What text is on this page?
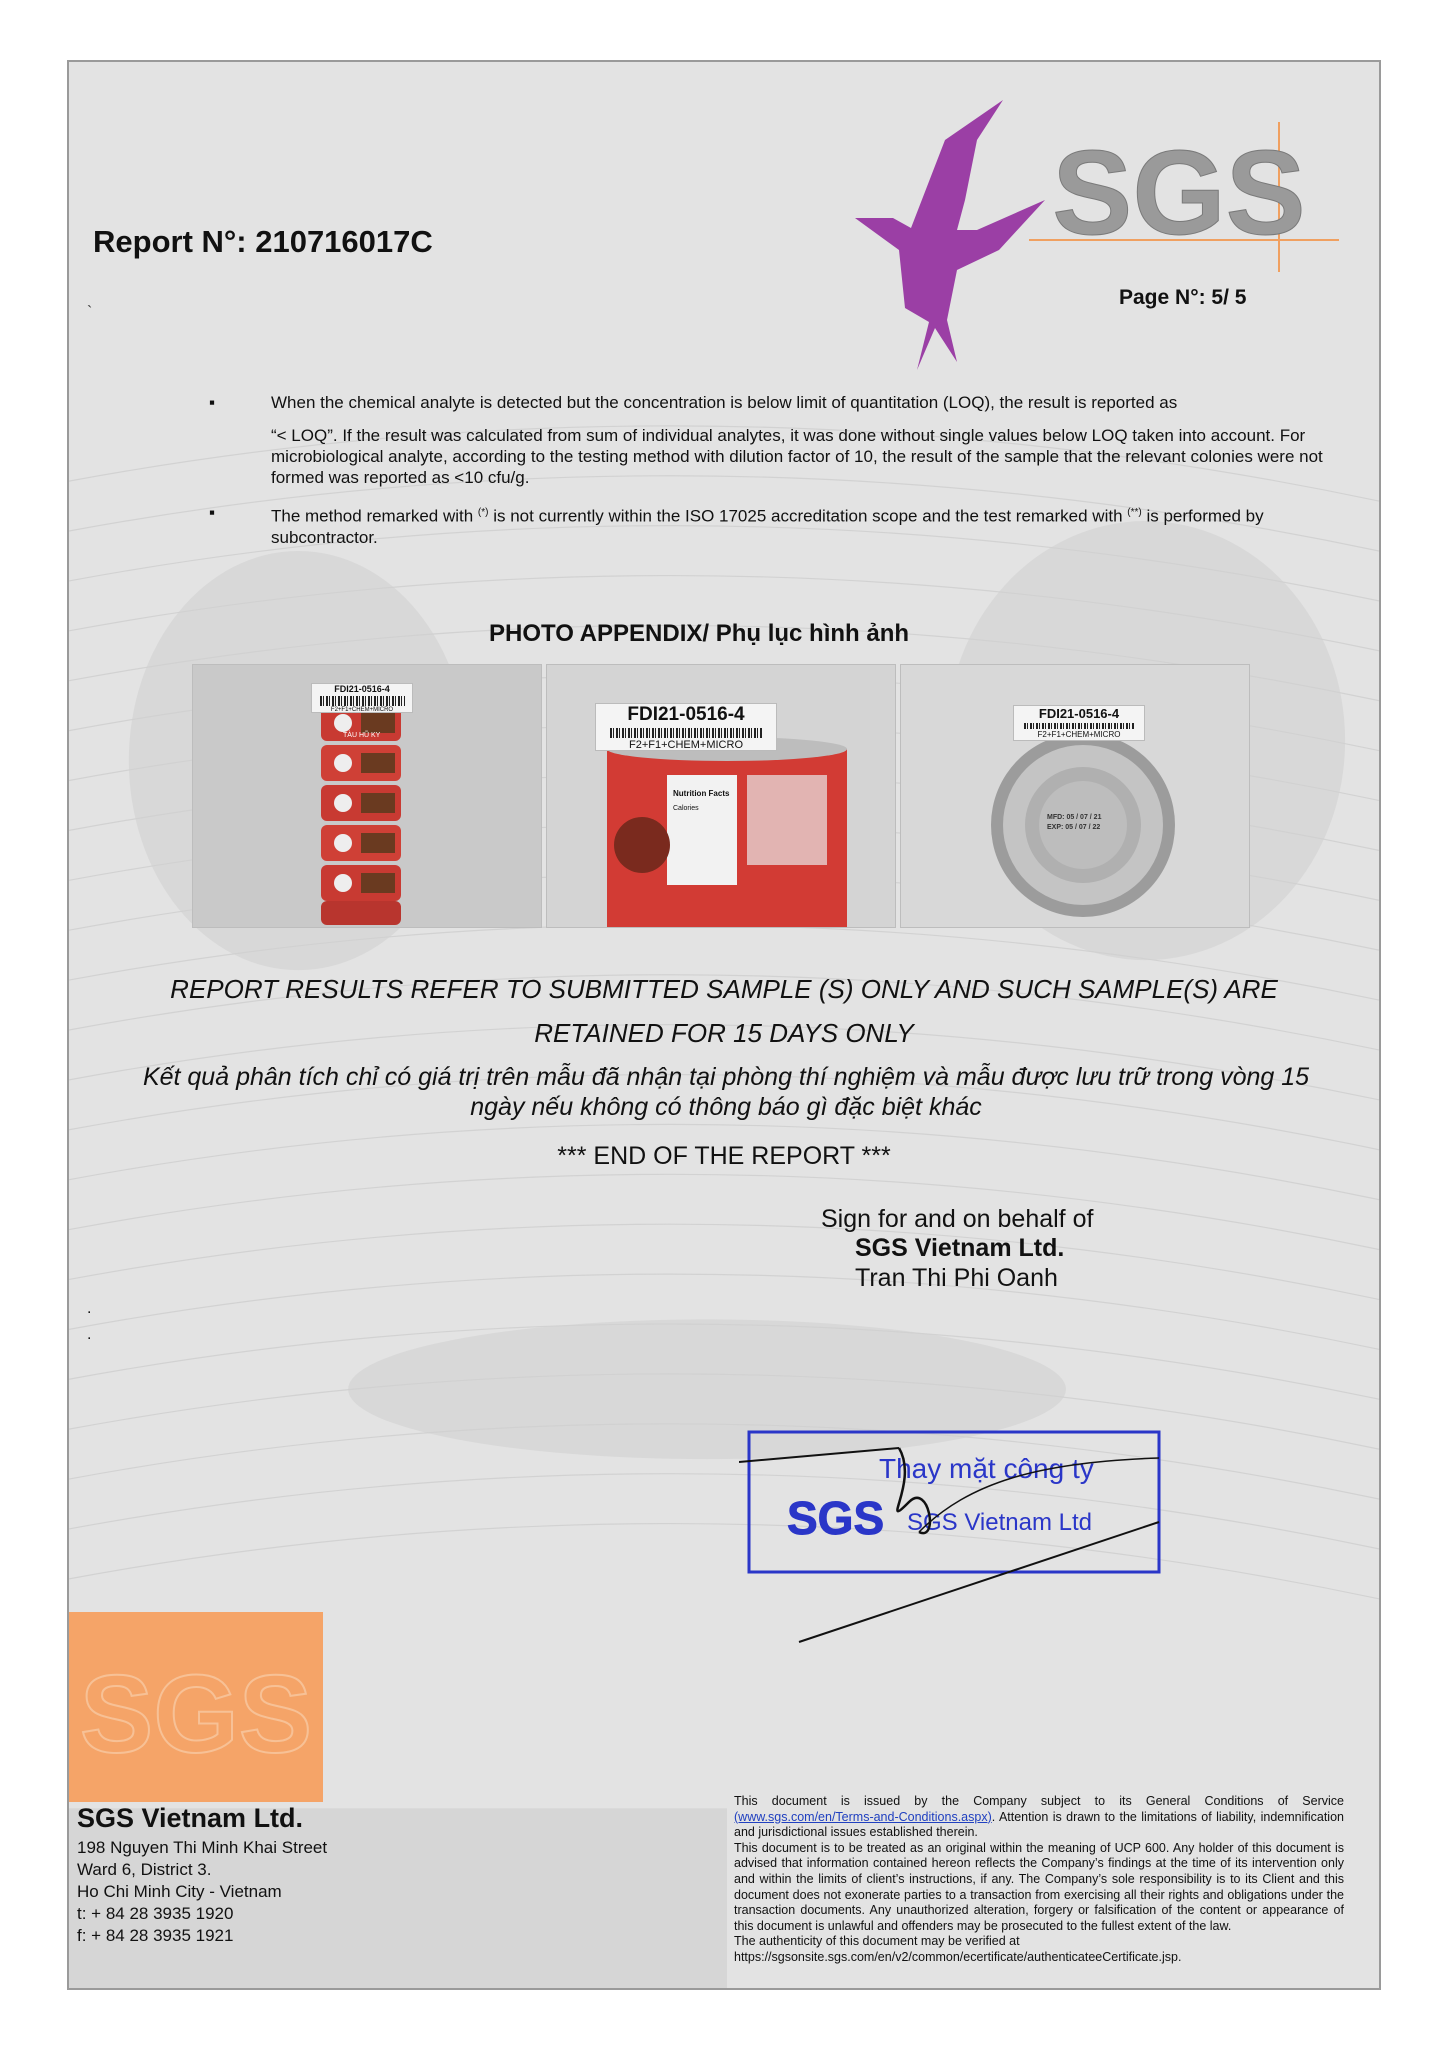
Report N°: 210716017C
Page N°: 5/ 5
`
SGS
▪	When the chemical analyte is detected but the concentration is below limit of quantitation (LOQ), the result is reported as

“< LOQ”. If the result was calculated from sum of individual analytes, it was done without single values below LOQ taken into account. For microbiological analyte, according to the testing method with dilution factor of 10, the result of the sample that the relevant colonies were not formed was reported as <10 cfu/g.

▪	The method remarked with (*) is not currently within the ISO 17025 accreditation scope and the test remarked with (**) is performed by subcontractor.

PHOTO APPENDIX/ Phụ lục hình ảnh
TÀU HŨ KY
FDI21-0516-4
F2+F1+CHEM+MICRO
Nutrition Facts
Calories
FDI21-0516-4
F2+F1+CHEM+MICRO
MFD: 05 / 07 / 21
EXP: 05 / 07 / 22
FDI21-0516-4
F2+F1+CHEM+MICRO
REPORT RESULTS REFER TO SUBMITTED SAMPLE (S) ONLY AND SUCH SAMPLE(S) ARE
RETAINED FOR 15 DAYS ONLY
Kết quả phân tích chỉ có giá trị trên mẫu đã nhận tại phòng thí nghiệm và mẫu được lưu trữ trong vòng 15
ngày nếu không có thông báo gì đặc biệt khác
*** END OF THE REPORT ***
Sign for and on behalf of
SGS Vietnam Ltd.
Tran Thi Phi Oanh
.
.
Thay mặt công ty
SGS SGS Vietnam Ltd
SGS
SGS Vietnam Ltd.
198 Nguyen Thi Minh Khai Street
Ward 6, District 3.
Ho Chi Minh City - Vietnam
t: + 84 28 3935 1920
f: + 84 28 3935 1921

This document is issued by the Company subject to its General Conditions of Service (www.sgs.com/en/Terms-and-Conditions.aspx). Attention is drawn to the limitations of liability, indemnification and jurisdictional issues established therein.

This document is to be treated as an original within the meaning of UCP 600. Any holder of this document is advised that information contained hereon reflects the Company’s findings at the time of its intervention only and within the limits of client’s instructions, if any. The Company’s sole responsibility is to its Client and this document does not exonerate parties to a transaction from exercising all their rights and obligations under the transaction documents. Any unauthorized alteration, forgery or falsification of the content or appearance of this document is unlawful and offenders may be prosecuted to the fullest extent of the law.

The authenticity of this document may be verified at

https://sgsonsite.sgs.com/en/v2/common/ecertificate/authenticateeCertificate.jsp.
